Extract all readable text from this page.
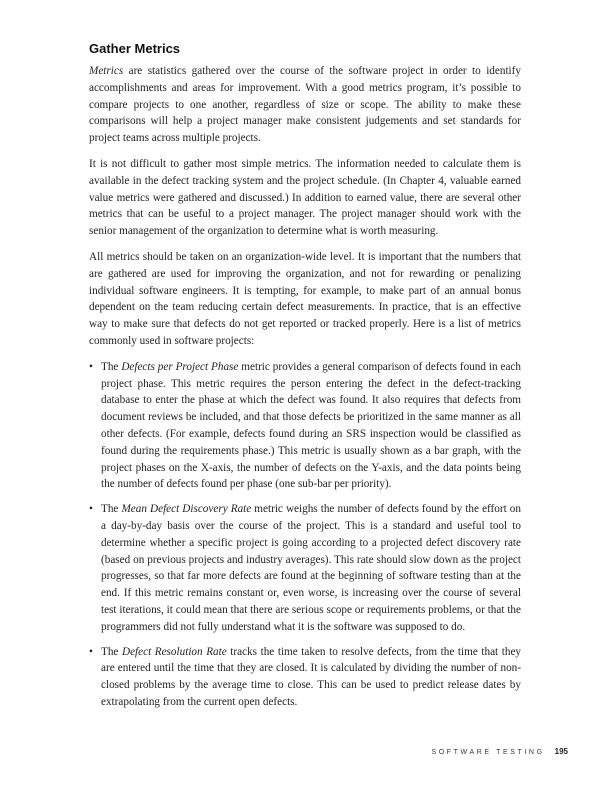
Gather Metrics

Metrics are statistics gathered over the course of the software project in order to identify accomplishments and areas for improvement. With a good metrics program, it’s possible to compare projects to one another, regardless of size or scope. The ability to make these comparisons will help a project manager make consistent judgements and set standards for project teams across multiple projects.

It is not difficult to gather most simple metrics. The information needed to calculate them is available in the defect tracking system and the project schedule. (In Chapter 4, valuable earned value metrics were gathered and discussed.) In addition to earned value, there are several other metrics that can be useful to a project manager. The project manager should work with the senior management of the organization to determine what is worth measuring.

All metrics should be taken on an organization-wide level. It is important that the numbers that are gathered are used for improving the organization, and not for rewarding or penalizing individual software engineers. It is tempting, for example, to make part of an annual bonus dependent on the team reducing certain defect measurements. In practice, that is an effective way to make sure that defects do not get reported or tracked properly. Here is a list of metrics commonly used in software projects:

• The Defects per Project Phase metric provides a general comparison of defects found in each project phase. This metric requires the person entering the defect in the defect-tracking database to enter the phase at which the defect was found. It also requires that defects from document reviews be included, and that those defects be prioritized in the same manner as all other defects. (For example, defects found during an SRS inspection would be classified as found during the requirements phase.) This metric is usually shown as a bar graph, with the project phases on the X-axis, the number of defects on the Y-axis, and the data points being the number of defects found per phase (one sub-bar per priority).
• The Mean Defect Discovery Rate metric weighs the number of defects found by the effort on a day-by-day basis over the course of the project. This is a standard and useful tool to determine whether a specific project is going according to a projected defect discovery rate (based on previous projects and industry averages). This rate should slow down as the project progresses, so that far more defects are found at the beginning of software testing than at the end. If this metric remains constant or, even worse, is increasing over the course of several test iterations, it could mean that there are serious scope or requirements problems, or that the programmers did not fully understand what it is the software was supposed to do.
• The Defect Resolution Rate tracks the time taken to resolve defects, from the time that they are entered until the time that they are closed. It is calculated by dividing the number of non-closed problems by the average time to close. This can be used to predict release dates by extrapolating from the current open defects.
SOFTWARE TESTING 195
